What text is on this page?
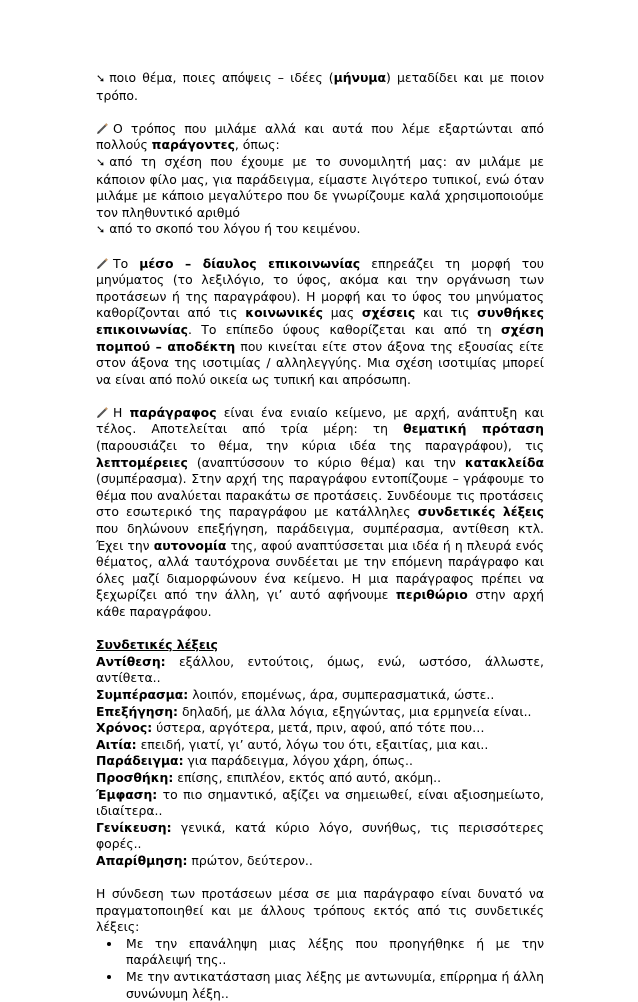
➘ ποιο θέμα, ποιες απόψεις – ιδέες (μήνυμα) μεταδίδει και με ποιον τρόπο.

Ο τρόπος που μιλάμε αλλά και αυτά που λέμε εξαρτώνται από πολλούς παράγοντες, όπως:

➘ από τη σχέση που έχουμε με το συνομιλητή μας: αν μιλάμε με κάποιον φίλο μας, για παράδειγμα, είμαστε λιγότερο τυπικοί, ενώ όταν μιλάμε με κάποιο μεγαλύτερο που δε γνωρίζουμε καλά χρησιμοποιούμε τον πληθυντικό αριθμό

➘ από το σκοπό του λόγου ή του κειμένου.

Το μέσο – δίαυλος επικοινωνίας επηρεάζει τη μορφή του μηνύματος (το λεξιλόγιο, το ύφος, ακόμα και την οργάνωση των προτάσεων ή της παραγράφου). Η μορφή και το ύφος του μηνύματος καθορίζονται από τις κοινωνικές μας σχέσεις και τις συνθήκες επικοινωνίας. Το επίπεδο ύφους καθορίζεται και από τη σχέση πομπού – αποδέκτη που κινείται είτε στον άξονα της εξουσίας είτε στον άξονα της ισοτιμίας / αλληλεγγύης. Μια σχέση ισοτιμίας μπορεί να είναι από πολύ οικεία ως τυπική και απρόσωπη.

Η παράγραφος είναι ένα ενιαίο κείμενο, με αρχή, ανάπτυξη και τέλος. Αποτελείται από τρία μέρη: τη θεματική πρόταση (παρουσιάζει το θέμα, την κύρια ιδέα της παραγράφου), τις λεπτομέρειες (αναπτύσσουν το κύριο θέμα) και την κατακλείδα (συμπέρασμα). Στην αρχή της παραγράφου εντοπίζουμε – γράφουμε το θέμα που αναλύεται παρακάτω σε προτάσεις. Συνδέουμε τις προτάσεις στο εσωτερικό της παραγράφου με κατάλληλες συνδετικές λέξεις που δηλώνουν επεξήγηση, παράδειγμα, συμπέρασμα, αντίθεση κτλ. Έχει την αυτονομία της, αφού αναπτύσσεται μια ιδέα ή η πλευρά ενός θέματος, αλλά ταυτόχρονα συνδέεται με την επόμενη παράγραφο και όλες μαζί διαμορφώνουν ένα κείμενο. Η μια παράγραφος πρέπει να ξεχωρίζει από την άλλη, γι’ αυτό αφήνουμε περιθώριο στην αρχή κάθε παραγράφου.

Συνδετικές λέξεις

Αντίθεση: εξάλλου, εντούτοις, όμως, ενώ, ωστόσο, άλλωστε, αντίθετα..

Συμπέρασμα: λοιπόν, επομένως, άρα, συμπερασματικά, ώστε..

Επεξήγηση: δηλαδή, με άλλα λόγια, εξηγώντας, μια ερμηνεία είναι..

Χρόνος: ύστερα, αργότερα, μετά, πριν, αφού, από τότε που…

Αιτία: επειδή, γιατί, γι’ αυτό, λόγω του ότι, εξαιτίας, μια και..

Παράδειγμα: για παράδειγμα, λόγου χάρη, όπως..

Προσθήκη: επίσης, επιπλέον, εκτός από αυτό, ακόμη..

Έμφαση: το πιο σημαντικό, αξίζει να σημειωθεί, είναι αξιοσημείωτο, ιδιαίτερα..

Γενίκευση: γενικά, κατά κύριο λόγο, συνήθως, τις περισσότερες φορές..

Απαρίθμηση: πρώτον, δεύτερον..

Η σύνδεση των προτάσεων μέσα σε μια παράγραφο είναι δυνατό να πραγματοποιηθεί και με άλλους τρόπους εκτός από τις συνδετικές λέξεις:

• Με την επανάληψη μιας λέξης που προηγήθηκε ή με την παράλειψή της..
• Με την αντικατάσταση μιας λέξης με αντωνυμία, επίρρημα ή άλλη συνώνυμη λέξη..
